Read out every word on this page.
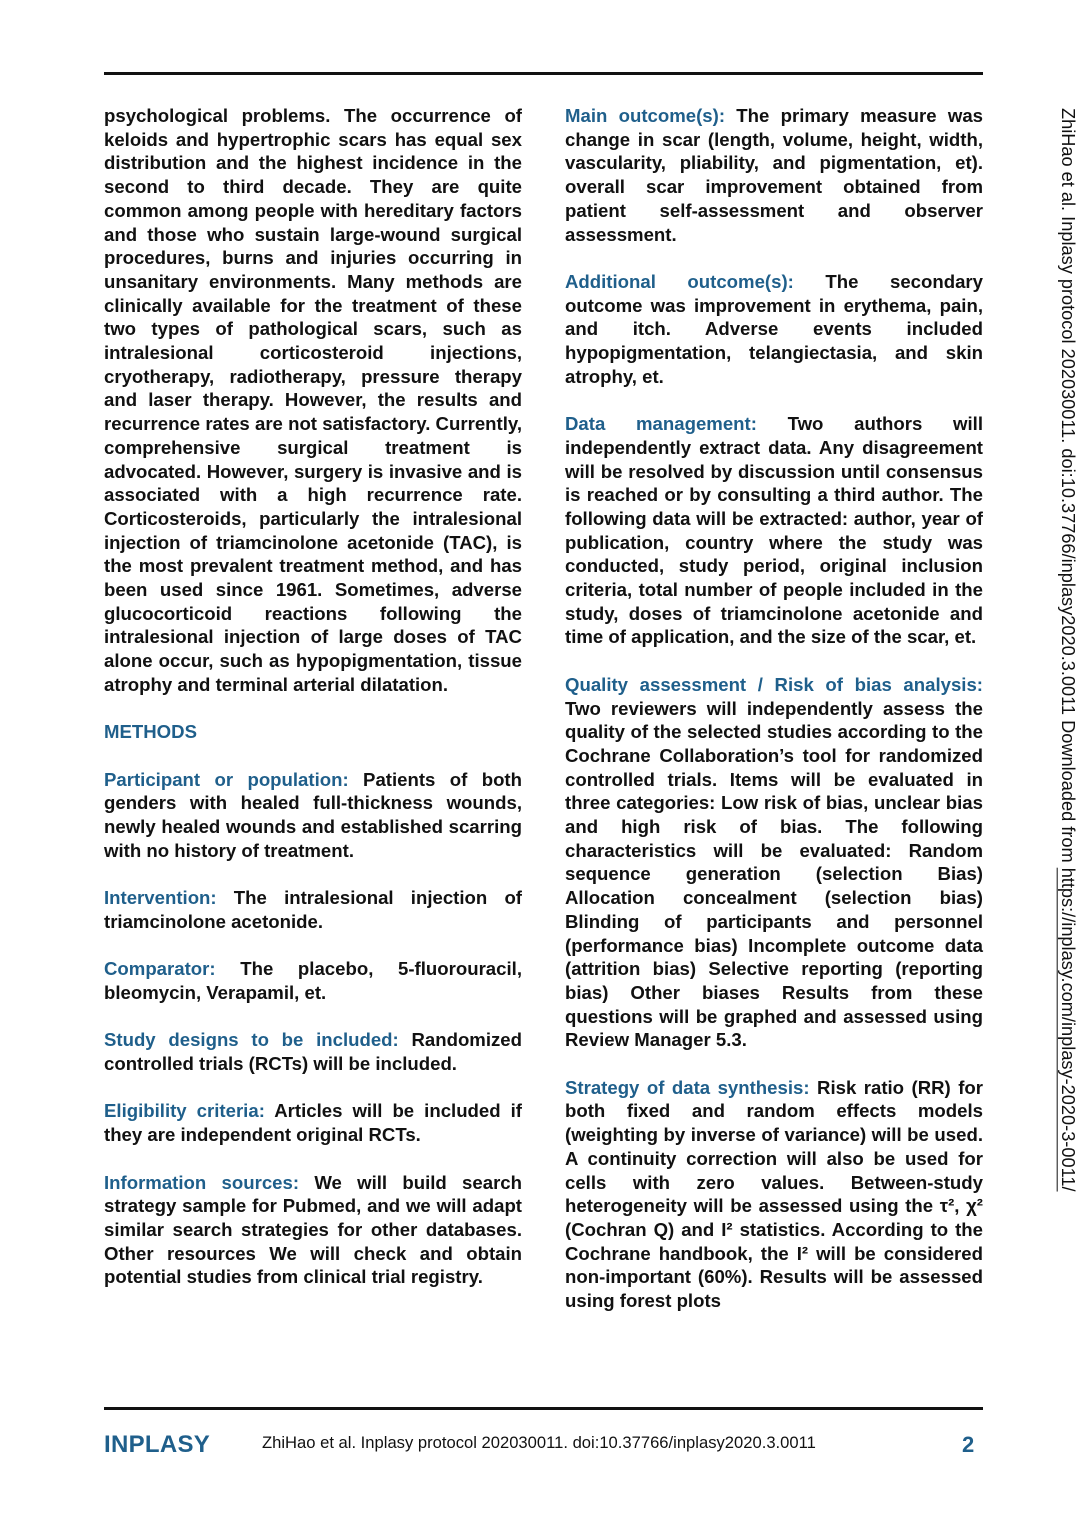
psychological problems. The occurrence of keloids and hypertrophic scars has equal sex distribution and the highest incidence in the second to third decade. They are quite common among people with hereditary factors and those who sustain large-wound surgical procedures, burns and injuries occurring in unsanitary environments. Many methods are clinically available for the treatment of these two types of pathological scars, such as intralesional corticosteroid injections, cryotherapy, radiotherapy, pressure therapy and laser therapy. However, the results and recurrence rates are not satisfactory. Currently, comprehensive surgical treatment is advocated. However, surgery is invasive and is associated with a high recurrence rate. Corticosteroids, particularly the intralesional injection of triamcinolone acetonide (TAC), is the most prevalent treatment method, and has been used since 1961. Sometimes, adverse glucocorticoid reactions following the intralesional injection of large doses of TAC alone occur, such as hypopigmentation, tissue atrophy and terminal arterial dilatation.

METHODS

Participant or population: Patients of both genders with healed full-thickness wounds, newly healed wounds and established scarring with no history of treatment.

Intervention: The intralesional injection of triamcinolone acetonide.

Comparator: The placebo, 5-fluorouracil, bleomycin, Verapamil, et.

Study designs to be included: Randomized controlled trials (RCTs) will be included.

Eligibility criteria: Articles will be included if they are independent original RCTs.

Information sources: We will build search strategy sample for Pubmed, and we will adapt similar search strategies for other databases. Other resources We will check and obtain potential studies from clinical trial registry.

Main outcome(s): The primary measure was change in scar (length, volume, height, width, vascularity, pliability, and pigmentation, et). overall scar improvement obtained from patient self-assessment and observer assessment.

Additional outcome(s): The secondary outcome was improvement in erythema, pain, and itch. Adverse events included hypopigmentation, telangiectasia, and skin atrophy, et.

Data management: Two authors will independently extract data. Any disagreement will be resolved by discussion until consensus is reached or by consulting a third author. The following data will be extracted: author, year of publication, country where the study was conducted, study period, original inclusion criteria, total number of people included in the study, doses of triamcinolone acetonide and time of application, and the size of the scar, et.

Quality assessment / Risk of bias analysis: Two reviewers will independently assess the quality of the selected studies according to the Cochrane Collaboration’s tool for randomized controlled trials. Items will be evaluated in three categories: Low risk of bias, unclear bias and high risk of bias. The following characteristics will be evaluated: Random sequence generation (selection Bias) Allocation concealment (selection bias) Blinding of participants and personnel (performance bias) Incomplete outcome data (attrition bias) Selective reporting (reporting bias) Other biases Results from these questions will be graphed and assessed using Review Manager 5.3.

Strategy of data synthesis: Risk ratio (RR) for both fixed and random effects models (weighting by inverse of variance) will be used. A continuity correction will also be used for cells with zero values. Between-study heterogeneity will be assessed using the τ², χ² (Cochran Q) and I² statistics. According to the Cochrane handbook, the I² will be considered non-important (60%). Results will be assessed using forest plots

ZhiHao et al. Inplasy protocol 202030011. doi:10.37766/inplasy2020.3.0011 Downloaded from https://inplasy.com/inplasy-2020-3-0011/
INPLASY	ZhiHao et al. Inplasy protocol 202030011. doi:10.37766/inplasy2020.3.0011	2
